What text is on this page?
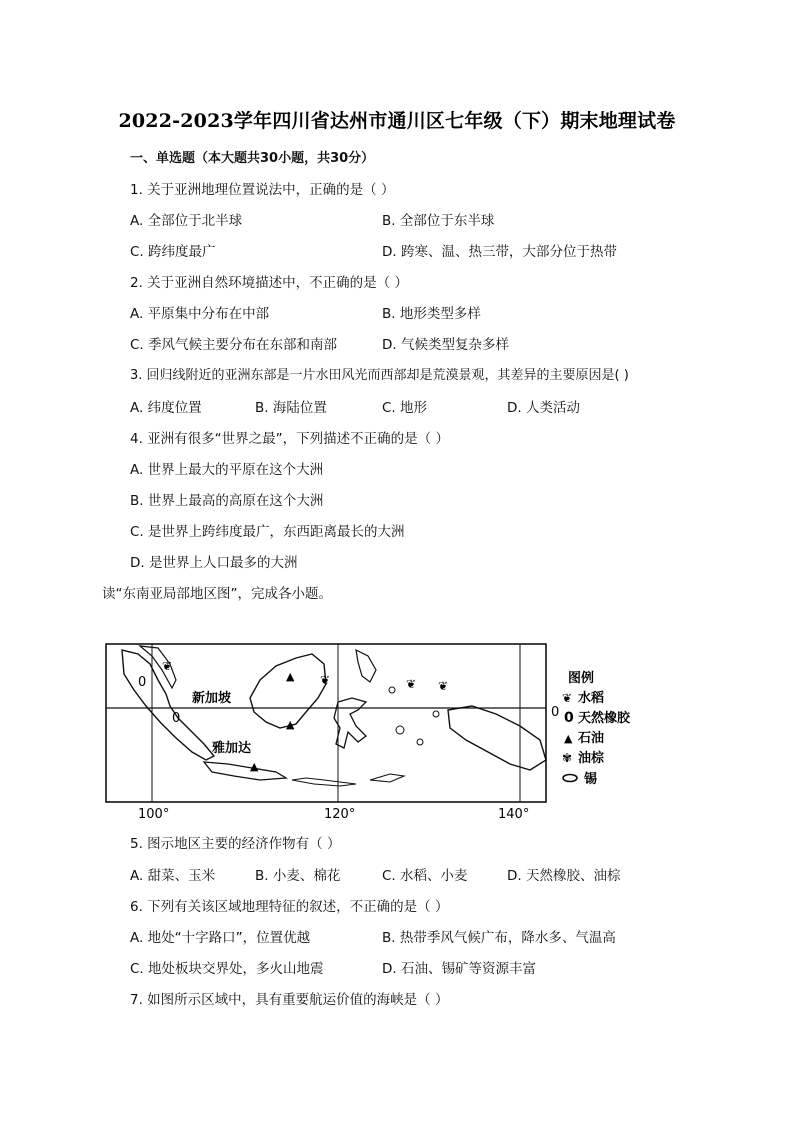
2022-2023学年四川省达州市通川区七年级（下）期末地理试卷
一、单选题（本大题共30小题，共30分）
1. 关于亚洲地理位置说法中，正确的是（ ）
A. 全部位于北半球	B. 全部位于东半球
C. 跨纬度最广	D. 跨寒、温、热三带，大部分位于热带
2. 关于亚洲自然环境描述中，不正确的是（ ）
A. 平原集中分布在中部	B. 地形类型多样
C. 季风气候主要分布在东部和南部	D. 气候类型复杂多样
3. 回归线附近的亚洲东部是一片水田风光而西部却是荒漠景观，其差异的主要原因是( )
A. 纬度位置	B. 海陆位置	C. 地形	D. 人类活动
4. 亚洲有很多“世界之最”，下列描述不正确的是（ ）
A. 世界上最大的平原在这个大洲
B. 世界上最高的高原在这个大洲
C. 是世界上跨纬度最广，东西距离最长的大洲
D. 是世界上人口最多的大洲
读“东南亚局部地区图”，完成各小题。
❦
0
0
▲
▲
▲
❦	❦
❦
新加坡
雅加达
100°	120°	140°
0
图例
❦ 水稻
0 天然橡胶
▲ 石油
✾ 油棕
锡
5. 图示地区主要的经济作物有（ ）
A. 甜菜、玉米	B. 小麦、棉花	C. 水稻、小麦	D. 天然橡胶、油棕
6. 下列有关该区域地理特征的叙述，不正确的是（ ）
A. 地处“十字路口”，位置优越	B. 热带季风气候广布，降水多、气温高
C. 地处板块交界处，多火山地震	D. 石油、锡矿等资源丰富
7. 如图所示区域中，具有重要航运价值的海峡是（ ）
